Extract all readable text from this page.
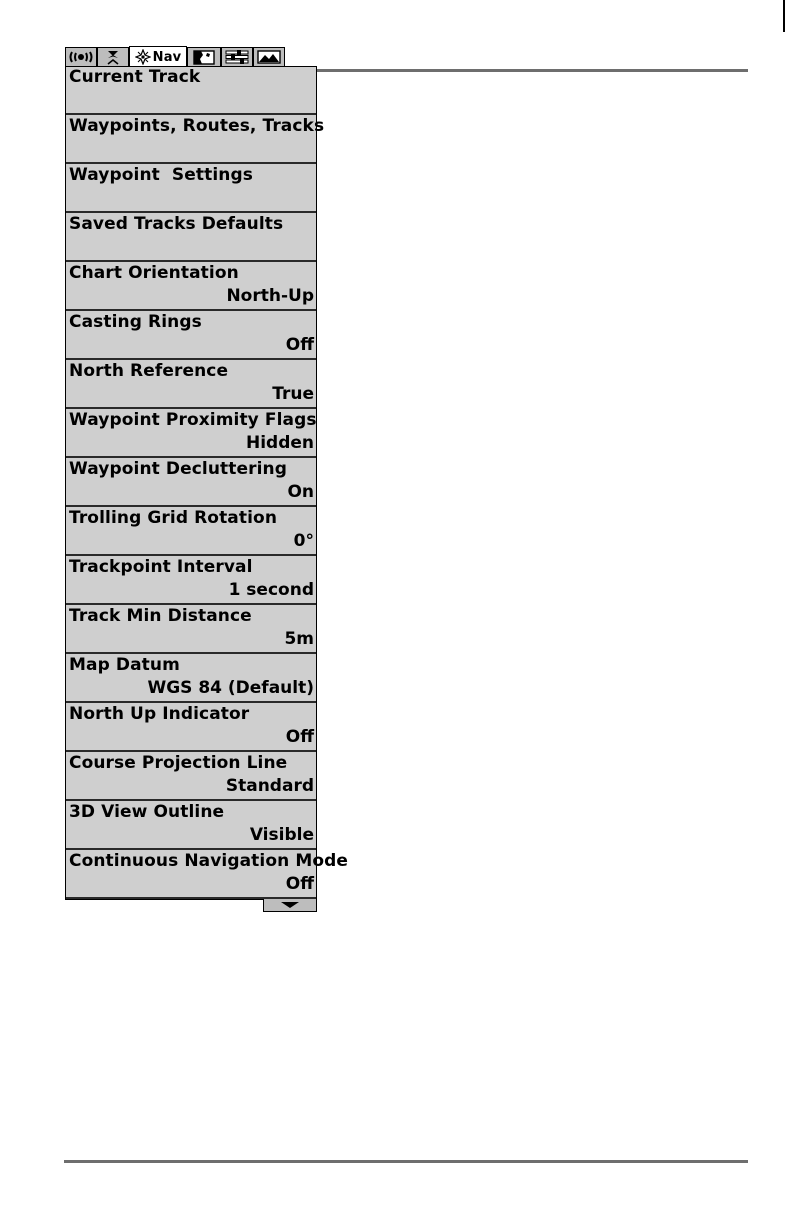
Nav
Current Track
Waypoints, Routes, Tracks
Waypoint  Settings
Saved Tracks Defaults
Chart Orientation
North-Up
Casting Rings
Off
North Reference
True
Waypoint Proximity Flags
Hidden
Waypoint Decluttering
On
Trolling Grid Rotation
0°
Trackpoint Interval
1 second
Track Min Distance
5m
Map Datum
WGS 84 (Default)
North Up Indicator
Off
Course Projection Line
Standard
3D View Outline
Visible
Continuous Navigation Mode
Off
